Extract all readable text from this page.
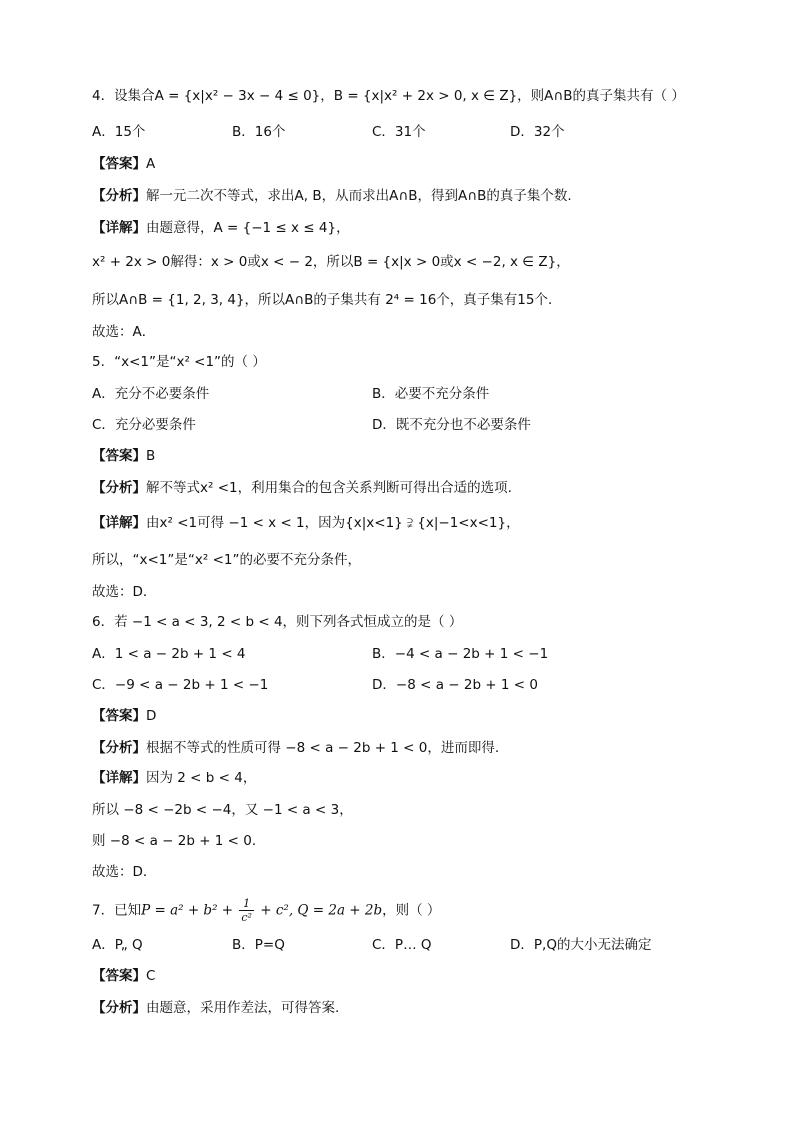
4．设集合A = {x|x² − 3x − 4 ≤ 0}，B = {x|x² + 2x > 0, x ∈ Z}，则A∩B的真子集共有（ ）
A．15个	B．16个	C．31个	D．32个
【答案】A
【分析】解一元二次不等式，求出A, B，从而求出A∩B，得到A∩B的真子集个数.
【详解】由题意得，A = {−1 ≤ x ≤ 4}，
x² + 2x > 0解得：x > 0或x < − 2，所以B = {x|x > 0或x < −2, x ∈ Z}，
所以A∩B = {1, 2, 3, 4}，所以A∩B的子集共有 2⁴ = 16个，真子集有15个．
故选：A．
5．“x<1”是“x² <1”的（ ）
A．充分不必要条件	B．必要不充分条件
C．充分必要条件	D．既不充分也不必要条件
【答案】B
【分析】解不等式x² <1，利用集合的包含关系判断可得出合适的选项.
【详解】由x² <1可得 −1 < x < 1，因为{x|x<1} ⫌ {x|−1<x<1}，
所以，“x<1”是“x² <1”的必要不充分条件，
故选：D．
6．若 −1 < a < 3, 2 < b < 4，则下列各式恒成立的是（ ）
A．1 < a − 2b + 1 < 4	B．−4 < a − 2b + 1 < −1
C．−9 < a − 2b + 1 < −1	D．−8 < a − 2b + 1 < 0
【答案】D
【分析】根据不等式的性质可得 −8 < a − 2b + 1 < 0，进而即得.
【详解】因为 2 < b < 4，
所以 −8 < −2b < −4，又 −1 < a < 3，
则 −8 < a − 2b + 1 < 0．
故选：D．
7．已知$P = a^2 + b^2 + \frac{1}{\text{c²}} + c^2$, Q = 2a + 2b，则（ ）
A．P„ Q	B．P=Q	C．P… Q	D．P,Q的大小无法确定
【答案】C
【分析】由题意，采用作差法，可得答案.
